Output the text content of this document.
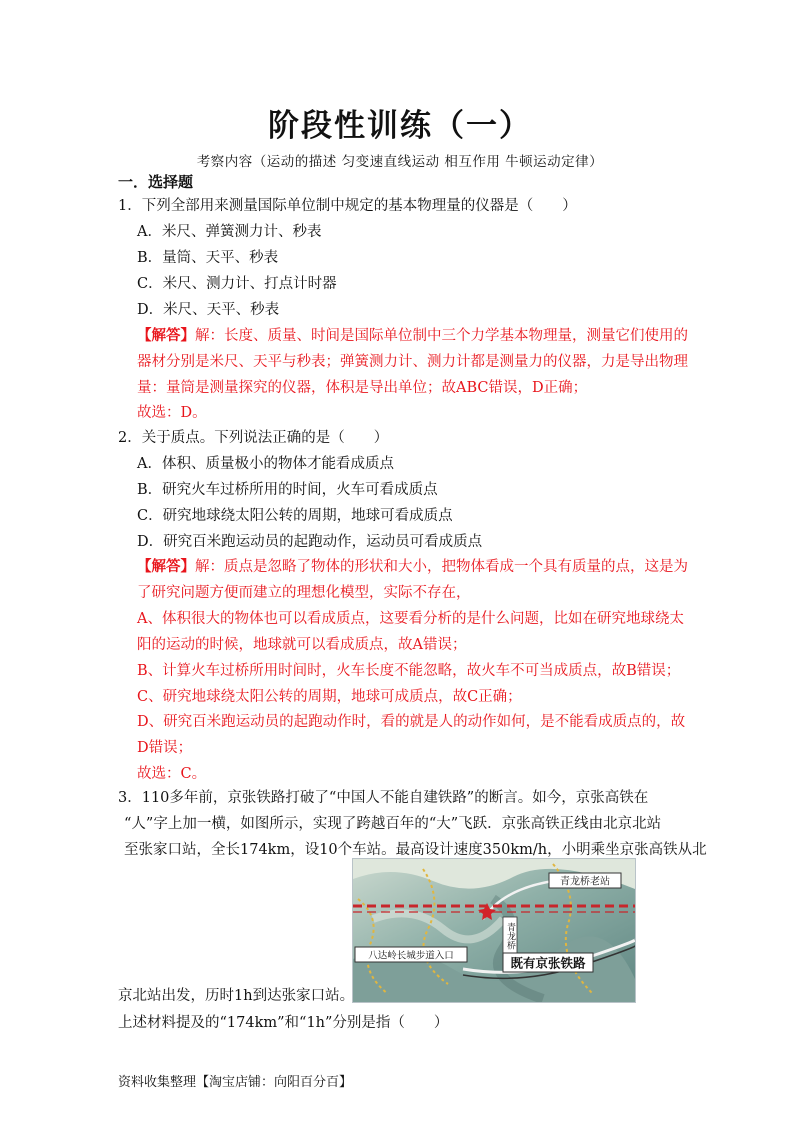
阶段性训练（一）
考察内容（运动的描述 匀变速直线运动 相互作用 牛顿运动定律）
一．选择题
1．下列全部用来测量国际单位制中规定的基本物理量的仪器是（　　）
A．米尺、弹簧测力计、秒表
B．量筒、天平、秒表
C．米尺、测力计、打点计时器
D．米尺、天平、秒表
【解答】解：长度、质量、时间是国际单位制中三个力学基本物理量，测量它们使用的
器材分别是米尺、天平与秒表；弹簧测力计、测力计都是测量力的仪器，力是导出物理
量：量筒是测量探究的仪器，体积是导出单位；故ABC错误，D正确；
故选：D。
2．关于质点。下列说法正确的是（　　）
A．体积、质量极小的物体才能看成质点
B．研究火车过桥所用的时间，火车可看成质点
C．研究地球绕太阳公转的周期，地球可看成质点
D．研究百米跑运动员的起跑动作，运动员可看成质点
【解答】解：质点是忽略了物体的形状和大小，把物体看成一个具有质量的点，这是为
了研究问题方便而建立的理想化模型，实际不存在，
A、体积很大的物体也可以看成质点，这要看分析的是什么问题，比如在研究地球绕太
阳的运动的时候，地球就可以看成质点，故A错误；
B、计算火车过桥所用时间时，火车长度不能忽略，故火车不可当成质点，故B错误；
C、研究地球绕太阳公转的周期，地球可成质点，故C正确；
D、研究百米跑运动员的起跑动作时，看的就是人的动作如何，是不能看成质点的，故
D错误；
故选：C。
3．110多年前，京张铁路打破了“中国人不能自建铁路”的断言。如今，京张高铁在
“人”字上加一横，如图所示，实现了跨越百年的“大”飞跃．京张高铁正线由北京北站
至张家口站，全长174km，设10个车站。最高设计速度350km/h，小明乘坐京张高铁从北
青龙桥老站
青龙桥
八达岭长城步道入口	既有京张铁路
京北站出发，历时1h到达张家口站。
上述材料提及的“174km”和“1h”分别是指（　　）
资料收集整理【淘宝店铺：向阳百分百】
